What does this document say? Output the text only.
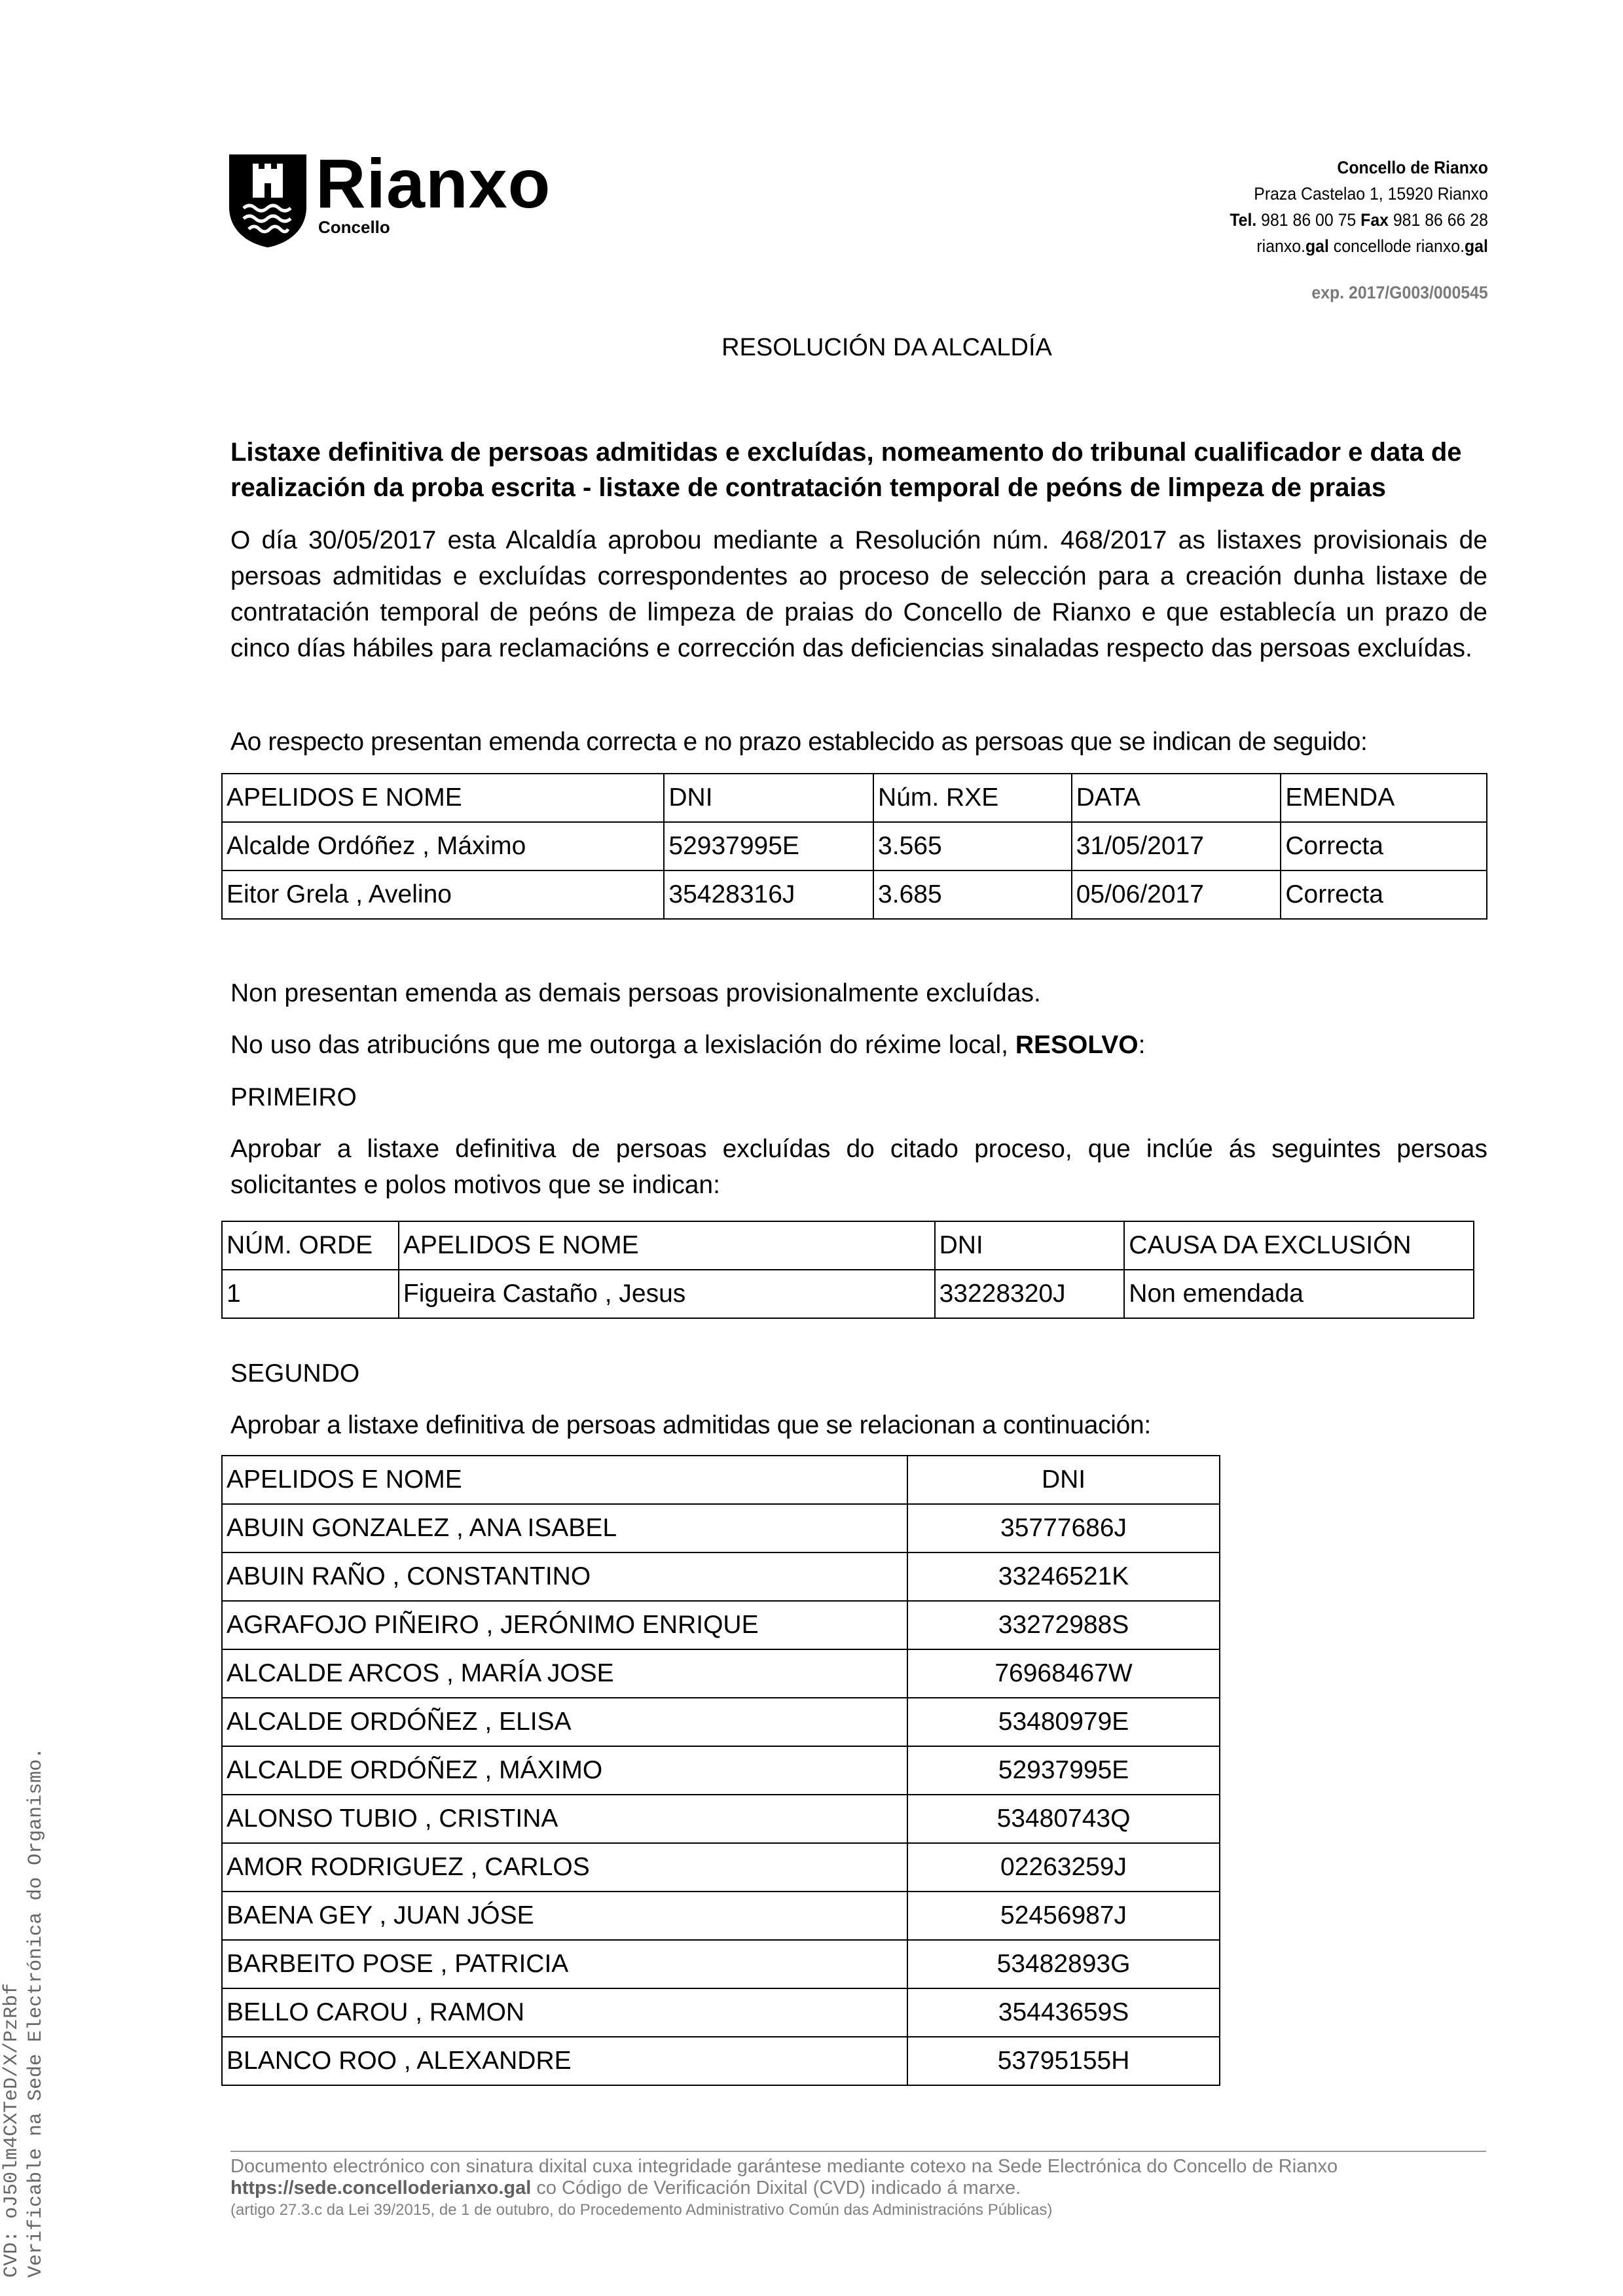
Rianxo
Concello
Concello de Rianxo
Praza Castelao 1, 15920 Rianxo
Tel. 981 86 00 75 Fax 981 86 66 28
rianxo.gal concellode rianxo.gal
exp. 2017/G003/000545
RESOLUCIÓN DA ALCALDÍA
Listaxe definitiva de persoas admitidas e excluídas, nomeamento do tribunal cualificador e data de realización da proba escrita - listaxe de contratación temporal de peóns de limpeza de praias
O día 30/05/2017 esta Alcaldía aprobou mediante a Resolución núm. 468/2017 as listaxes provisionais de persoas admitidas e excluídas correspondentes ao proceso de selección para a creación dunha listaxe de contratación temporal de peóns de limpeza de praias do Concello de Rianxo e que establecía un prazo de cinco días hábiles para reclamacións e corrección das deficiencias sinaladas respecto das persoas excluídas.
Ao respecto presentan emenda correcta e no prazo establecido as persoas que se indican de seguido:
APELIDOS E NOME	DNI	Núm. RXE	DATA	EMENDA
Alcalde Ordóñez , Máximo	52937995E	3.565	31/05/2017	Correcta
Eitor Grela , Avelino	35428316J	3.685	05/06/2017	Correcta
Non presentan emenda as demais persoas provisionalmente excluídas.
No uso das atribucións que me outorga a lexislación do réxime local, RESOLVO:
PRIMEIRO
Aprobar a listaxe definitiva de persoas excluídas do citado proceso, que inclúe ás seguintes persoas solicitantes e polos motivos que se indican:
NÚM. ORDE	APELIDOS E NOME	DNI	CAUSA DA EXCLUSIÓN
1	Figueira Castaño , Jesus	33228320J	Non emendada
SEGUNDO
Aprobar a listaxe definitiva de persoas admitidas que se relacionan a continuación:
APELIDOS E NOME	DNI
ABUIN GONZALEZ , ANA ISABEL	35777686J
ABUIN RAÑO , CONSTANTINO	33246521K
AGRAFOJO PIÑEIRO , JERÓNIMO ENRIQUE	33272988S
ALCALDE ARCOS , MARÍA JOSE	76968467W
ALCALDE ORDÓÑEZ , ELISA	53480979E
ALCALDE ORDÓÑEZ , MÁXIMO	52937995E
ALONSO TUBIO , CRISTINA	53480743Q
AMOR RODRIGUEZ , CARLOS	02263259J
BAENA GEY , JUAN JÓSE	52456987J
BARBEITO POSE , PATRICIA	53482893G
BELLO CAROU , RAMON	35443659S
BLANCO ROO , ALEXANDRE	53795155H
Documento electrónico con sinatura dixital cuxa integridade garántese mediante cotexo na Sede Electrónica do Concello de Rianxo
https://sede.concelloderianxo.gal co Código de Verificación Dixital (CVD) indicado á marxe.
(artigo 27.3.c da Lei 39/2015, de 1 de outubro, do Procedemento Administrativo Común das Administracións Públicas)
CVD: oJ50lm4CXTeD/X/PzRbf Verificable na Sede Electrónica do Organismo.
